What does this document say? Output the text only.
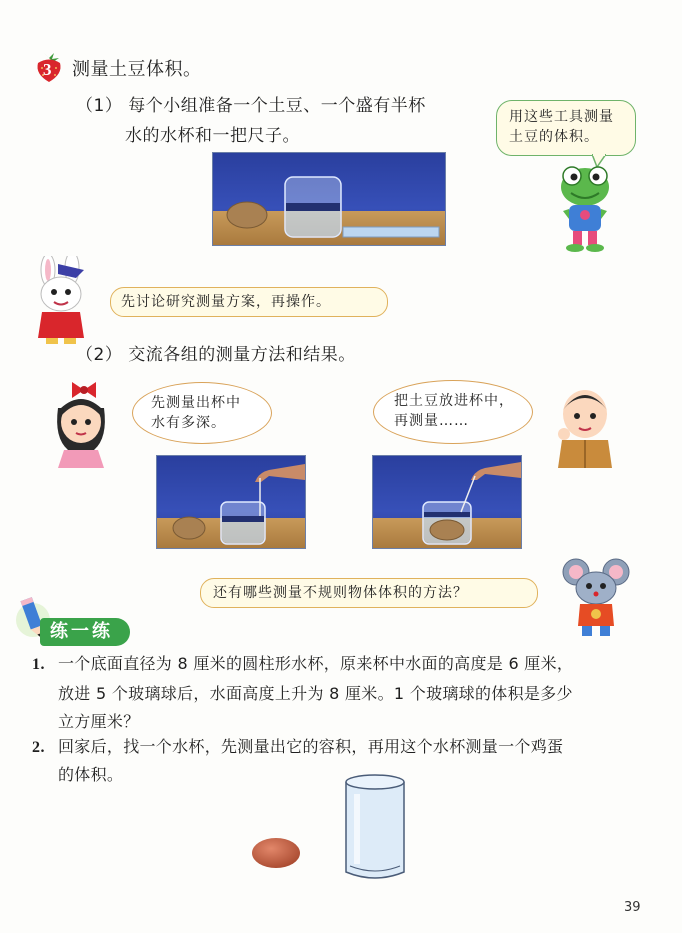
3 测量土豆体积。
（1） 每个小组准备一个土豆、一个盛有半杯
水的水杯和一把尺子。
用这些工具测量
土豆的体积。
先讨论研究测量方案，再操作。
（2） 交流各组的测量方法和结果。
先测量出杯中
水有多深。
把土豆放进杯中，
再测量……
还有哪些测量不规则物体体积的方法？
练一练
1. 一个底面直径为 8 厘米的圆柱形水杯，原来杯中水面的高度是 6 厘米，
放进 5 个玻璃球后，水面高度上升为 8 厘米。1 个玻璃球的体积是多少
立方厘米？
2. 回家后，找一个水杯，先测量出它的容积，再用这个水杯测量一个鸡蛋
的体积。
39
